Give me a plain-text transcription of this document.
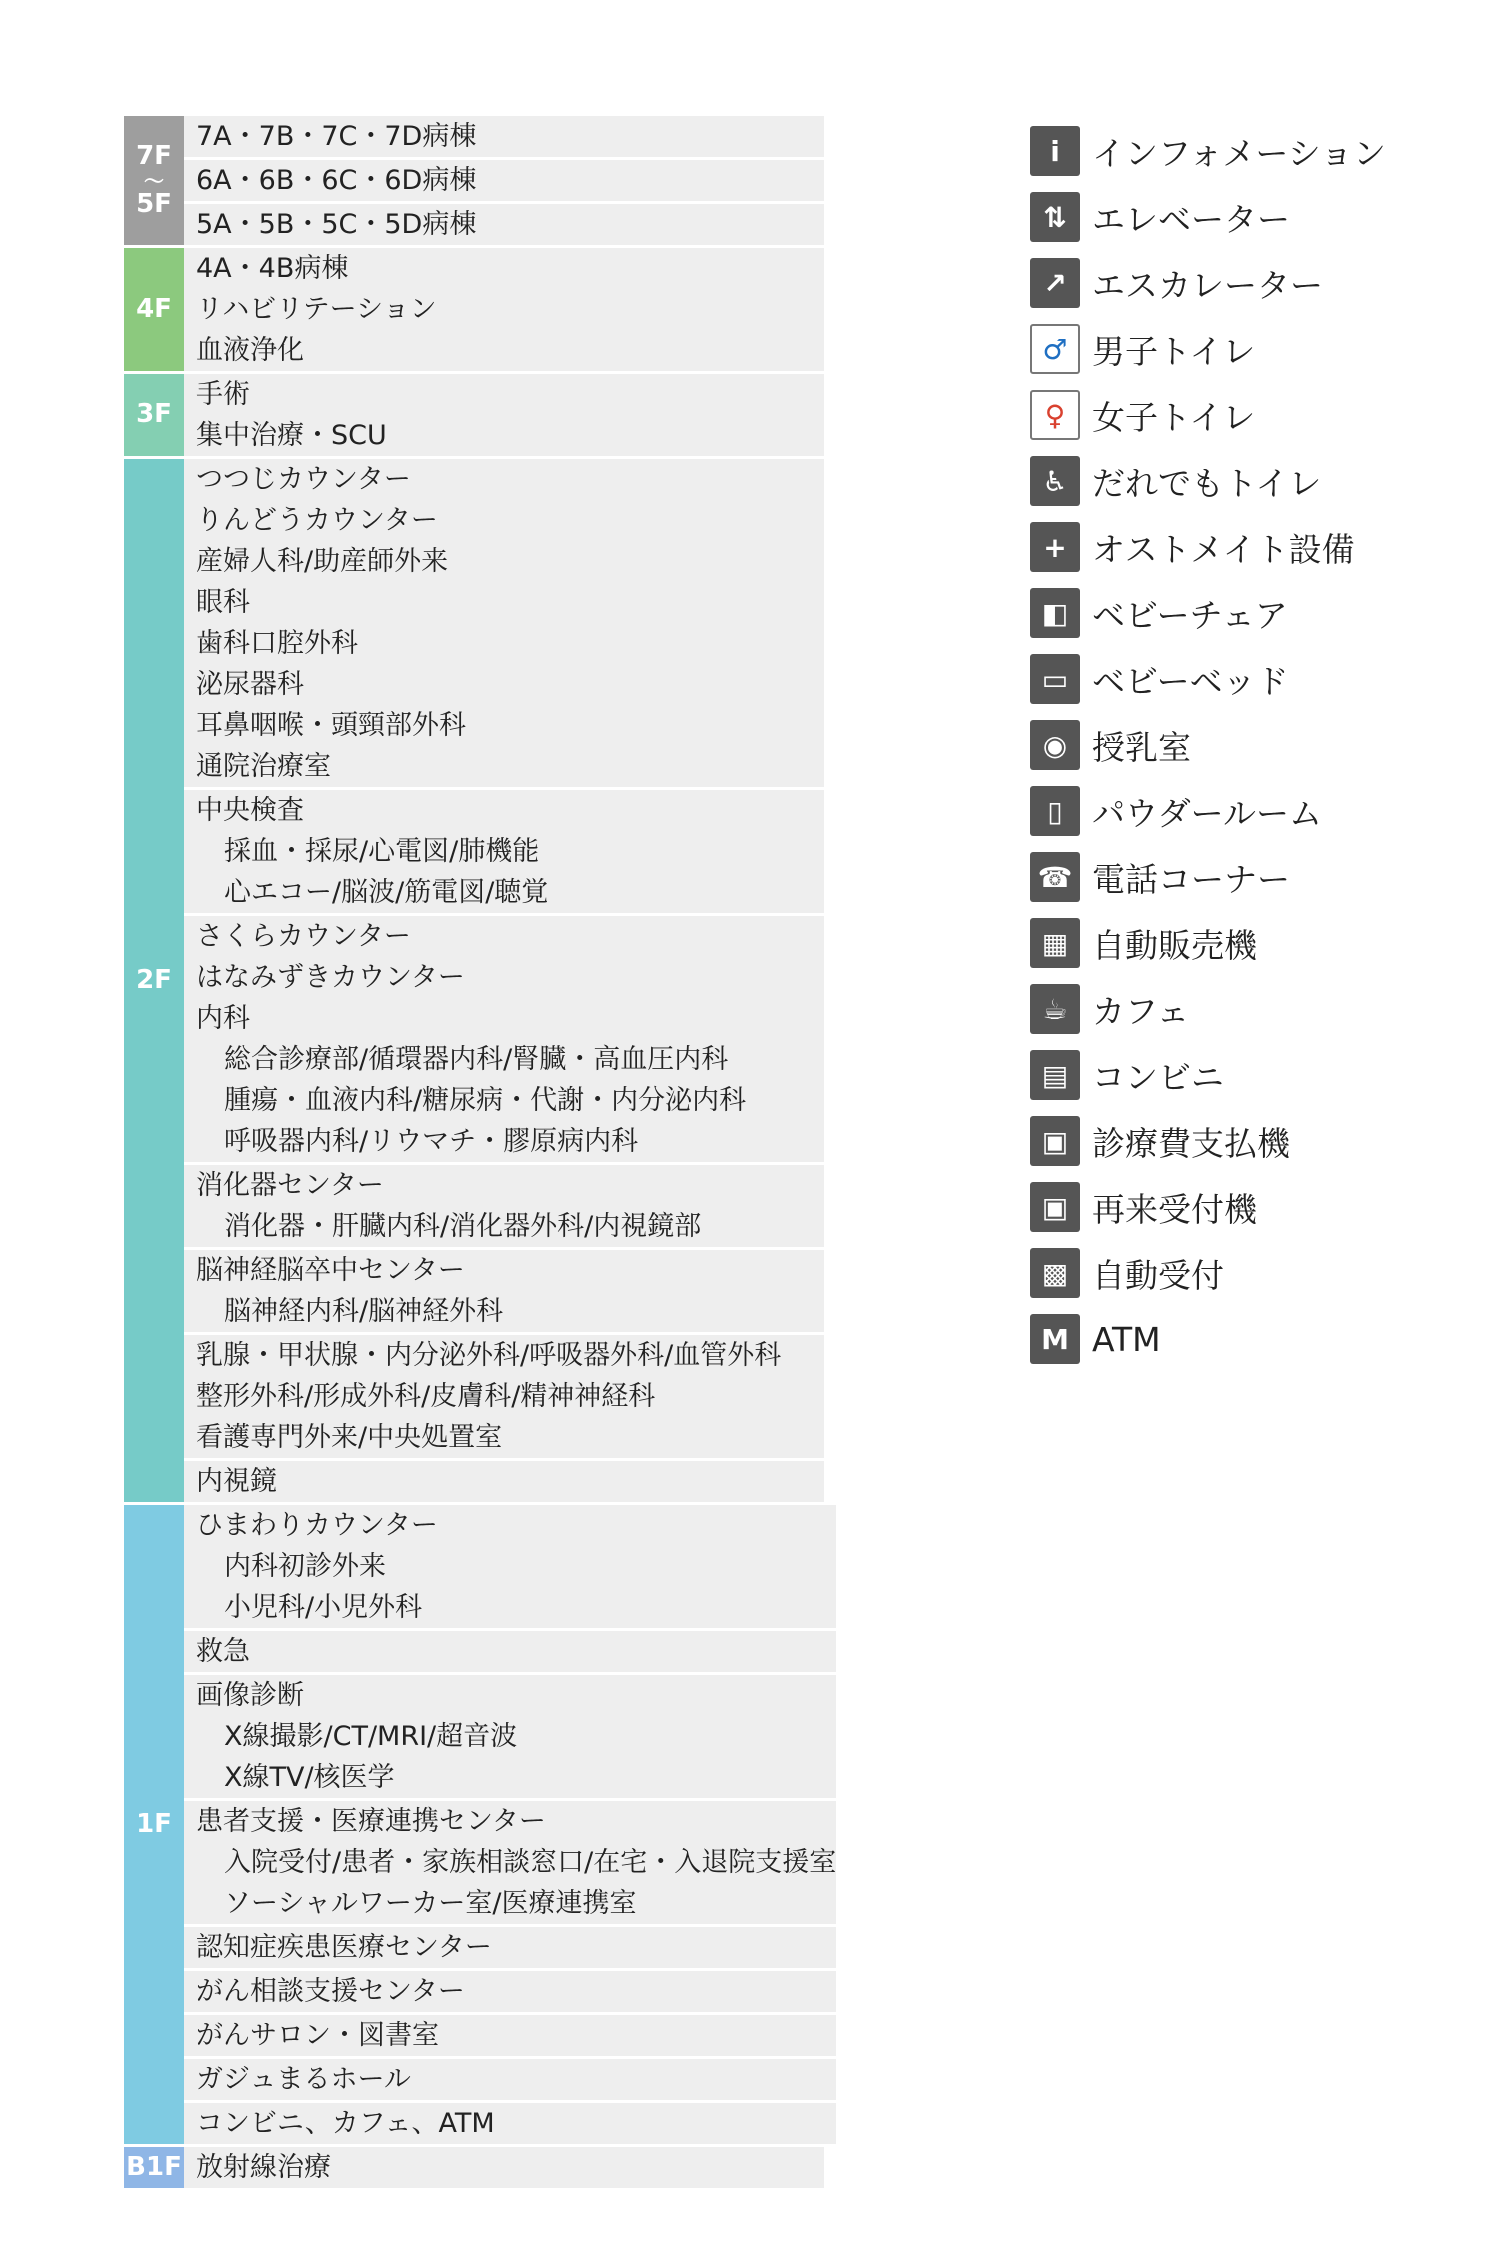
7F
〜
5F
7A・7B・7C・7D病棟
6A・6B・6C・6D病棟
5A・5B・5C・5D病棟
4F
4A・4B病棟
リハビリテーション
血液浄化
3F
手術
集中治療・SCU
2F
つつじカウンター
りんどうカウンター
産婦人科/助産師外来
眼科
歯科口腔外科
泌尿器科
耳鼻咽喉・頭頸部外科
通院治療室
中央検査
採血・採尿/心電図/肺機能
心エコー/脳波/筋電図/聴覚
さくらカウンター
はなみずきカウンター
内科
総合診療部/循環器内科/腎臓・高血圧内科
腫瘍・血液内科/糖尿病・代謝・内分泌内科
呼吸器内科/リウマチ・膠原病内科
消化器センター
消化器・肝臓内科/消化器外科/内視鏡部
脳神経脳卒中センター
脳神経内科/脳神経外科
乳腺・甲状腺・内分泌外科/呼吸器外科/血管外科
整形外科/形成外科/皮膚科/精神神経科
看護専門外来/中央処置室
内視鏡
1F
ひまわりカウンター
内科初診外来
小児科/小児外科
救急
画像診断
X線撮影/CT/MRI/超音波
X線TV/核医学
患者支援・医療連携センター
入院受付/患者・家族相談窓口/在宅・入退院支援室
ソーシャルワーカー室/医療連携室
認知症疾患医療センター
がん相談支援センター
がんサロン・図書室
ガジュまるホール
コンビニ、カフェ、ATM
B1F 放射線治療
i インフォメーション
⇅ エレベーター
↗ エスカレーター
♂ 男子トイレ
♀ 女子トイレ
♿ だれでもトイレ
+ オストメイト設備
◧ ベビーチェア
▭ ベビーベッド
◉ 授乳室
▯ パウダールーム
☎ 電話コーナー
▦ 自動販売機
☕ カフェ
▤ コンビニ
▣ 診療費支払機
▣ 再来受付機
▩ 自動受付
M ATM
